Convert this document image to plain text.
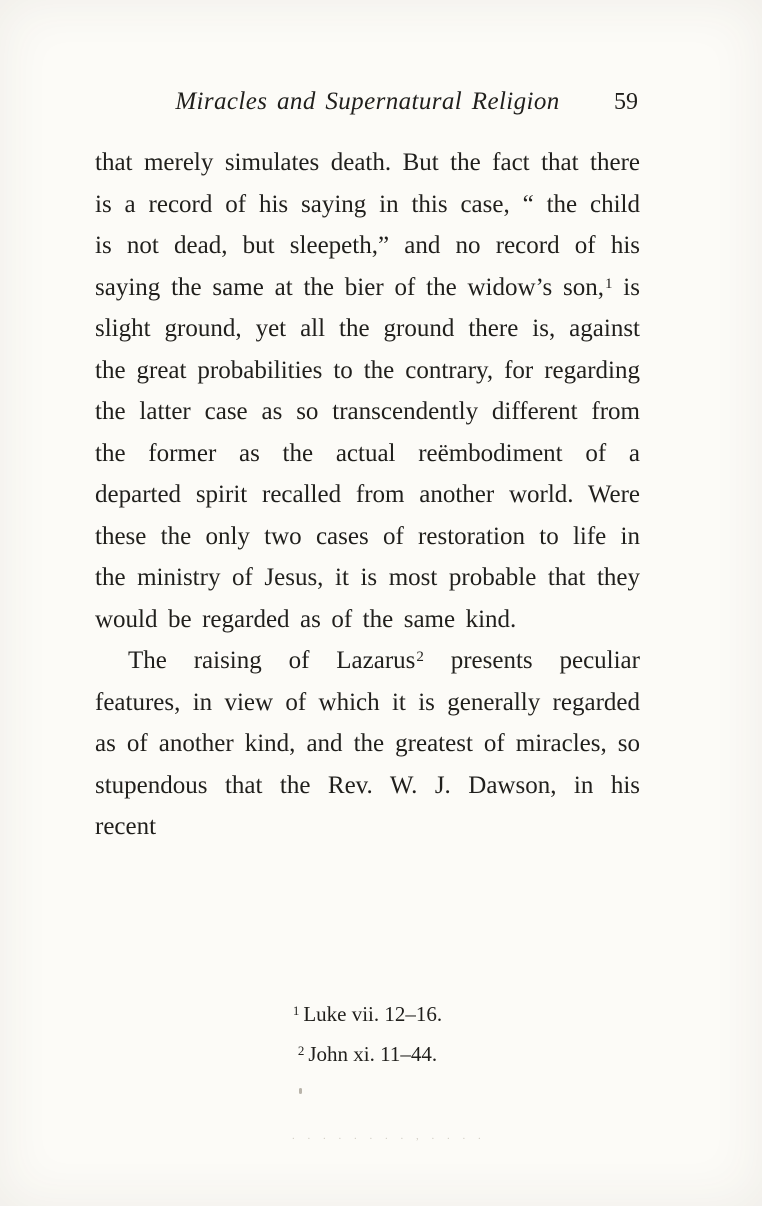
Miracles and Supernatural Religion	59

that merely simulates death. But the fact that there is a record of his saying in this case, “ the child is not dead, but sleepeth,” and no record of his saying the same at the bier of the widow’s son,$^1$ is slight ground, yet all the ground there is, against the great probabilities to the contrary, for regarding the latter case as so transcendently different from the former as the actual reëmbodiment of a departed spirit recalled from another world. Were these the only two cases of restoration to life in the ministry of Jesus, it is most probable that they would be regarded as of the same kind.

The raising of Lazarus$^2$ presents peculiar features, in view of which it is generally regarded as of another kind, and the greatest of miracles, so stupendous that the Rev. W. J. Dawson, in his recent

$^1$ Luke vii. 12–16.
$^2$ John xi. 11–44.
. . . . . . . . , . . . .
